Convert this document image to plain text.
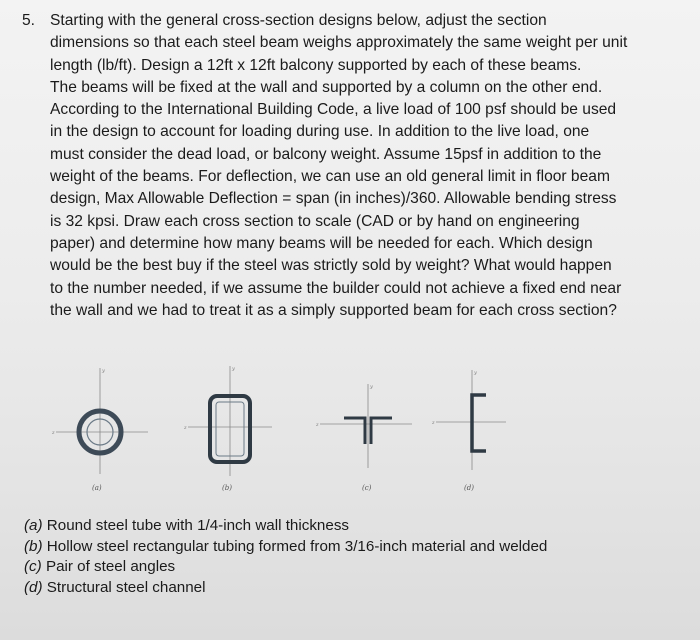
5. Starting with the general cross-section designs below, adjust the section
dimensions so that each steel beam weighs approximately the same weight per unit
length (lb/ft). Design a 12ft x 12ft balcony supported by each of these beams.
The beams will be fixed at the wall and supported by a column on the other end.
According to the International Building Code, a live load of 100 psf should be used
in the design to account for loading during use. In addition to the live load, one
must consider the dead load, or balcony weight. Assume 15psf in addition to the
weight of the beams. For deflection, we can use an old general limit in floor beam
design, Max Allowable Deflection = span (in inches)/360. Allowable bending stress
is 32 kpsi. Draw each cross section to scale (CAD or by hand on engineering
paper) and determine how many beams will be needed for each. Which design
would be the best buy if the steel was strictly sold by weight? What would happen
to the number needed, if we assume the builder could not achieve a fixed end near
the wall and we had to treat it as a simply supported beam for each cross section?
y
z
(a)
y
z
(b)
y
z
(c)
y
z
(d)
(a) Round steel tube with 1/4-inch wall thickness
(b) Hollow steel rectangular tubing formed from 3/16-inch material and welded
(c) Pair of steel angles
(d) Structural steel channel
